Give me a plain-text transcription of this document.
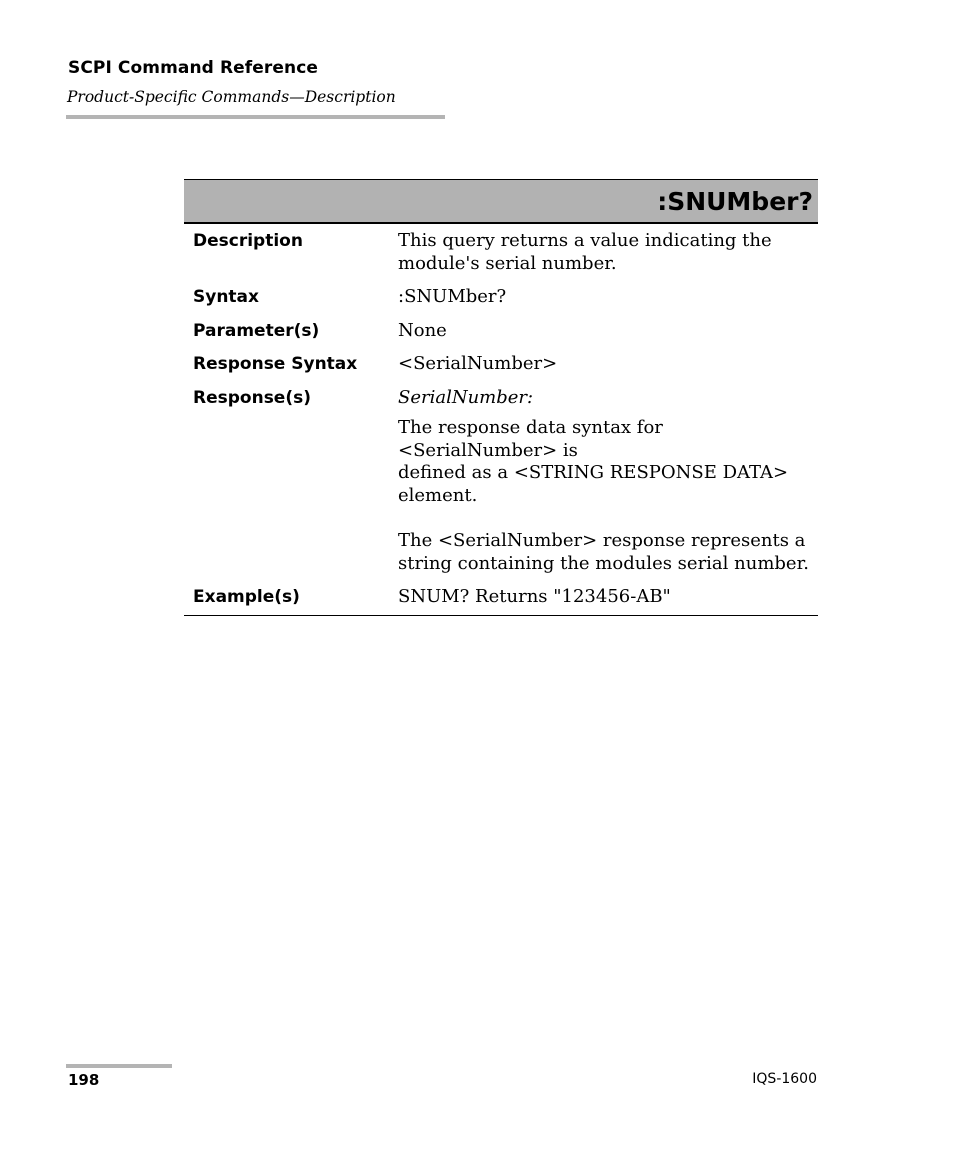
SCPI Command Reference
Product-Specific Commands—Description
:SNUMber?
Description	This query returns a value indicating the

module's serial number.

Syntax	:SNUMber?
Parameter(s)	None
Response Syntax	<SerialNumber>
Response(s)	SerialNumber:

The response data syntax for <SerialNumber> is

defined as a <STRING RESPONSE DATA>

element.

The <SerialNumber> response represents a

string containing the modules serial number.

Example(s)	SNUM? Returns "123456-AB"
198	IQS-1600
